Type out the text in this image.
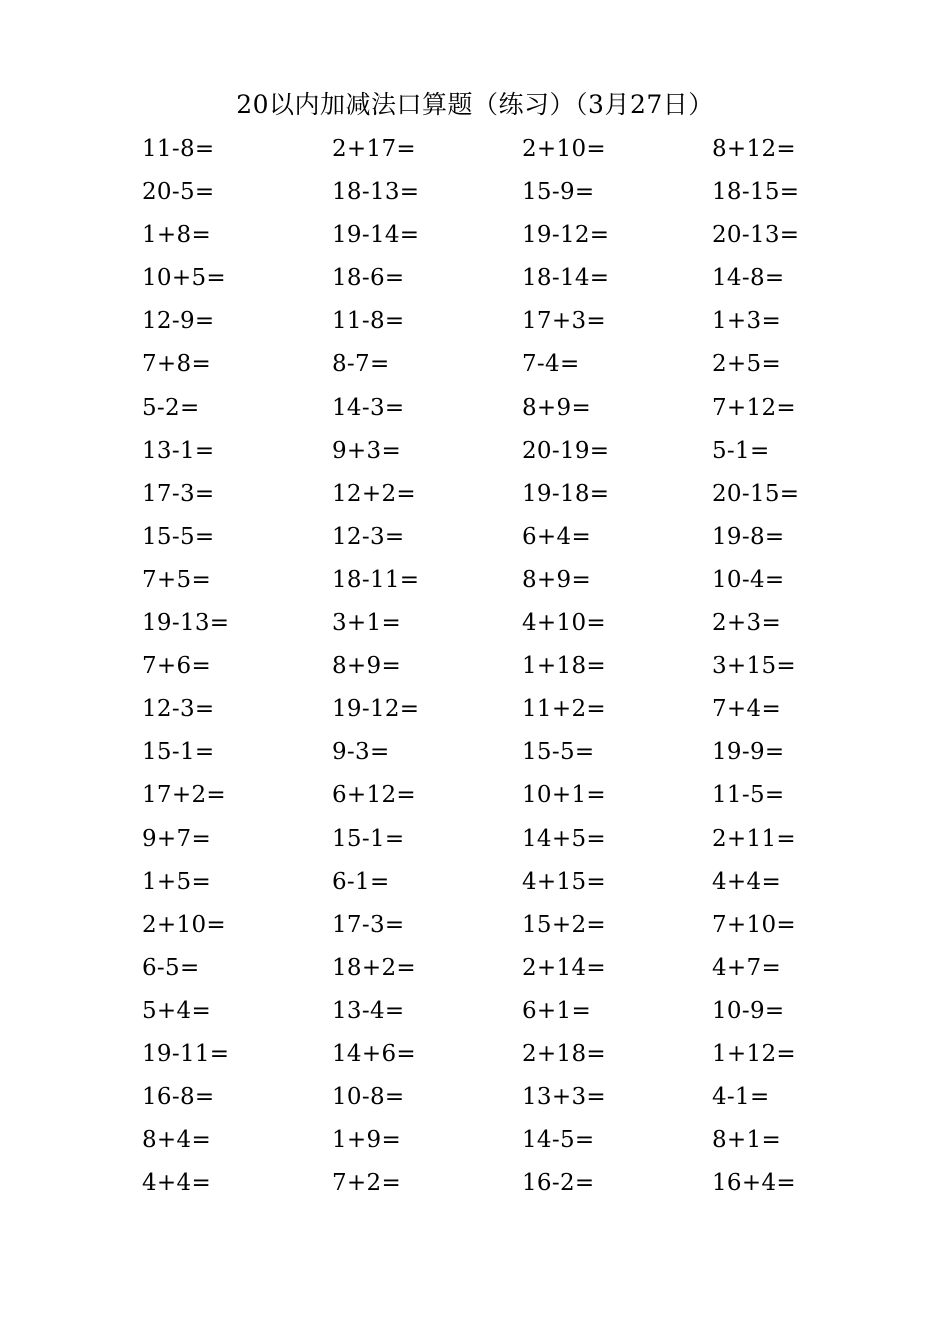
20以内加减法口算题（练习）（3月27日）
11-8=	2+17=	2+10=	8+12=
20-5=	18-13=	15-9=	18-15=
1+8=	19-14=	19-12=	20-13=
10+5=	18-6=	18-14=	14-8=
12-9=	11-8=	17+3=	1+3=
7+8=	8-7=	7-4=	2+5=
5-2=	14-3=	8+9=	7+12=
13-1=	9+3=	20-19=	5-1=
17-3=	12+2=	19-18=	20-15=
15-5=	12-3=	6+4=	19-8=
7+5=	18-11=	8+9=	10-4=
19-13=	3+1=	4+10=	2+3=
7+6=	8+9=	1+18=	3+15=
12-3=	19-12=	11+2=	7+4=
15-1=	9-3=	15-5=	19-9=
17+2=	6+12=	10+1=	11-5=
9+7=	15-1=	14+5=	2+11=
1+5=	6-1=	4+15=	4+4=
2+10=	17-3=	15+2=	7+10=
6-5=	18+2=	2+14=	4+7=
5+4=	13-4=	6+1=	10-9=
19-11=	14+6=	2+18=	1+12=
16-8=	10-8=	13+3=	4-1=
8+4=	1+9=	14-5=	8+1=
4+4=	7+2=	16-2=	16+4=
